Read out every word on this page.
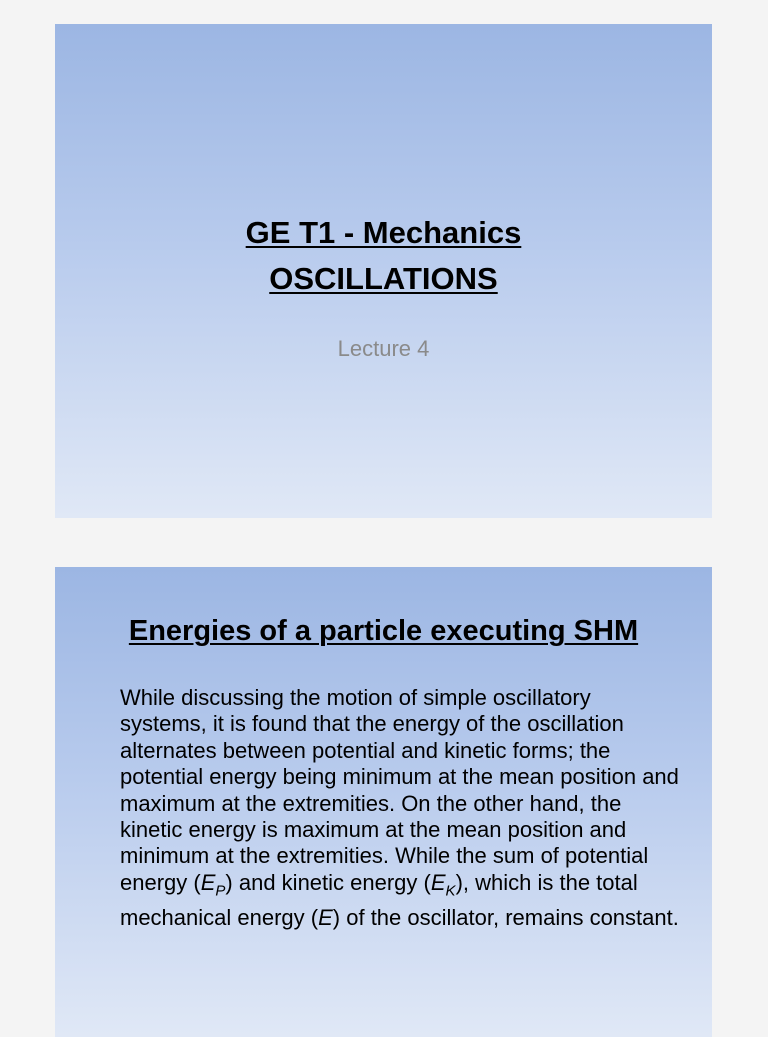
GE T1 - Mechanics
OSCILLATIONS
Lecture 4
Energies of a particle executing SHM
While discussing the motion of simple oscillatory systems, it is found that the energy of the oscillation alternates between potential and kinetic forms; the potential energy being minimum at the mean position and maximum at the extremities. On the other hand, the kinetic energy is maximum at the mean position and minimum at the extremities. While the sum of potential energy $(E_P)$ and kinetic energy $(E_K)$, which is the total mechanical energy (E) of the oscillator, remains constant.
